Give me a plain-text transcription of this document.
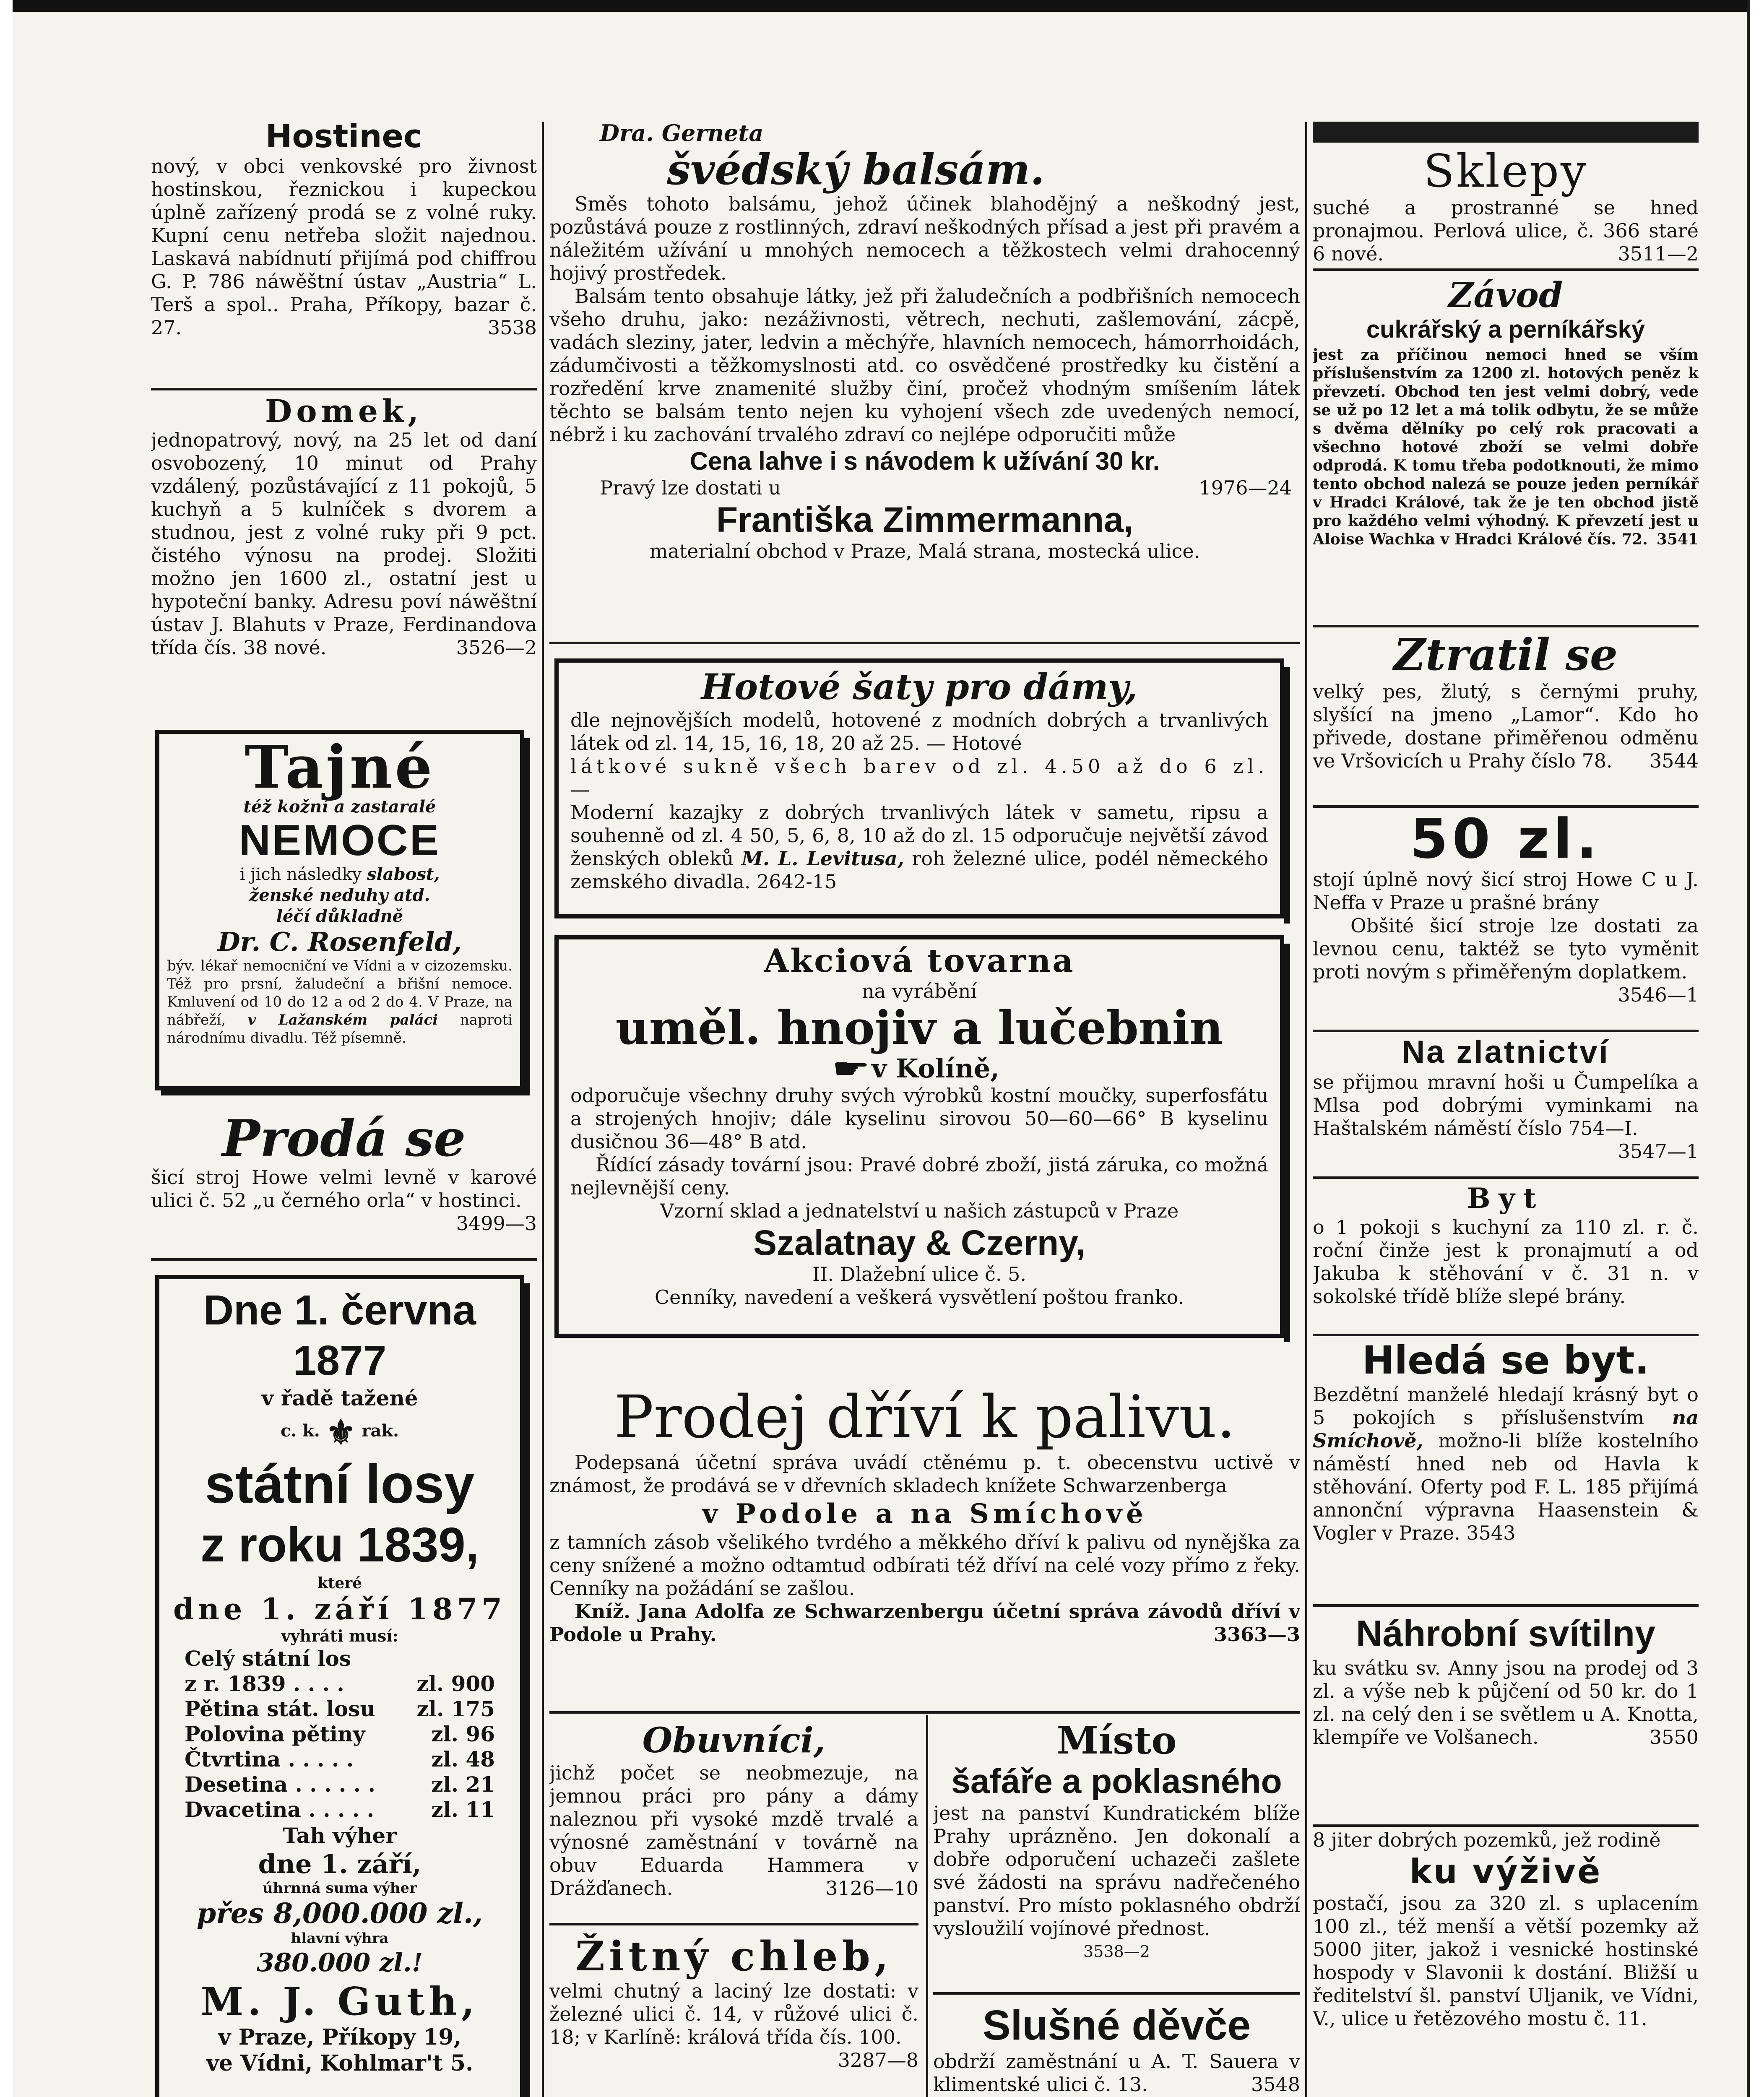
Hostinec

nový, v obci venkovské pro živnost hostinskou, řeznickou i kupeckou úplně zařízený prodá se z volné ruky. Kupní cenu netřeba složit najednou. Laskavá nabídnutí přijímá pod chiffrou G. P. 786 náwěštní ústav „Austria“ L. Terš a spol.. Praha, Příkopy, bazar č. 27.	3538

Domek,

jednopatrový, nový, na 25 let od daní osvobozený, 10 minut od Prahy vzdálený, pozůstávající z 11 pokojů, 5 kuchyň a 5 kulníček s dvorem a studnou, jest z volné ruky při 9 pct. čistého výnosu na prodej. Složiti možno jen 1600 zl., ostatní jest u hypoteční banky. Adresu poví náwěštní ústav J. Blahuts v Praze, Ferdinandova třída čís. 38 nové.	3526—2

Tajné
též kožní a zastaralé
NEMOCE
i jich následky slabost,
ženské neduhy atd.
léčí důkladně
Dr. C. Rosenfeld,

býv. lékař nemocniční ve Vídni a v cizozemsku. Též pro prsní, žaludeční a břišní nemoce. Kmluvení od 10 do 12 a od 2 do 4. V Praze, na nábřeží, v Lažanském paláci naproti národnímu divadlu. Též písemně.

Prodá se

šicí stroj Howe velmi levně v karové ulici č. 52 „u černého orla“ v hostinci.
3499—3

Dne 1. června 1877
v řadě tažené
c. k. ⚜ rak.
státní losy
z roku 1839,
které
dne 1. září 1877
vyhráti musí:
Celý státní los
z r. 1839 . . . .	zl. 900
Pětina stát. losu zl. 175
Polovina pětiny	zl. 96
Čtvrtina . . . . .	zl. 48
Desetina . . . . . .	zl. 21
Dvacetina . . . . .	zl. 11
Tah výher
dne 1. září,
úhrnná suma výher
přes 8,000.000 zl.,
hlavní výhra
380.000 zl.!
M. J. Guth,
v Praze, Příkopy 19,
ve Vídni, Kohlmar't 5.
Dra. Gerneta
švédský balsám.

Směs tohoto balsámu, jehož účinek blahodějný a neškodný jest, pozůstává pouze z rostlinných, zdraví neškodných přísad a jest při pravém a náležitém užívání u mnohých nemocech a těžkostech velmi drahocenný hojivý prostředek.

Balsám tento obsahuje látky, jež při žaludečních a podbřišních nemocech všeho druhu, jako: nezáživnosti, větrech, nechuti, zašlemování, zácpě, vadách sleziny, jater, ledvin a měchýře, hlavních nemocech, hámorrhoidách, zádumčivosti a těžkomyslnosti atd. co osvědčené prostředky ku čistění a rozředění krve znamenité služby činí, pročež vhodným smíšením látek těchto se balsám tento nejen ku vyhojení všech zde uvedených nemocí, nébrž i ku zachování trvalého zdraví co nejlépe odporučiti může

Cena lahve i s návodem k užívání 30 kr.
Pravý lze dostati u	1976—24
Františka Zimmermanna,
materialní obchod v Praze, Malá strana, mostecká ulice.
Hotové šaty pro dámy,

dle nejnovějších modelů, hotovené z modních dobrých a trvanlivých látek od zl. 14, 15, 16, 18, 20 až 25. — Hotové

látkové sukně všech barev od zl. 4.50 až do 6 zl. —

Moderní kazajky z dobrých trvanlivých látek v sametu, ripsu a souhenně od zl. 4 50, 5, 6, 8, 10 až do zl. 15 odporučuje největší závod ženských obleků M. L. Levitusa, roh železné ulice, podél německého zemského divadla. 2642-15

Akciová tovarna
na vyrábění
uměl. hnojiv a lučebnin
☛ v Kolíně,

odporučuje všechny druhy svých výrobků kostní moučky, superfosfátu a strojených hnojiv; dále kyselinu sirovou 50—60—66° B kyselinu dusičnou 36—48° B atd.

Řídící zásady tovární jsou: Pravé dobré zboží, jistá záruka, co možná nejlevnější ceny.

Vzorní sklad a jednatelství u našich zástupců v Praze

Szalatnay & Czerny,
II. Dlažební ulice č. 5.
Cenníky, navedení a veškerá vysvětlení poštou franko.
Prodej dříví k palivu.

Podepsaná účetní správa uvádí ctěnému p. t. obecenstvu uctivě v známost, že prodává se v dřevních skladech knížete Schwarzenberga

v Podole a na Smíchově

z tamních zásob všelikého tvrdého a měkkého dříví k palivu od nynějška za ceny snížené a možno odtamtud odbírati též dříví na celé vozy přímo z řeky. Cenníky na požádání se zašlou.

Kníž. Jana Adolfa ze Schwarzenbergu účetní správa závodů dříví v Podole u Prahy.	3363—3

Obuvníci,

jichž počet se neobmezuje, na jemnou práci pro pány a dámy naleznou při vysoké mzdě trvalé a výnosné zaměstnání v továrně na obuv Eduarda Hammera v Drážďanech.	3126—10

Žitný chleb,

velmi chutný a laciný lze dostati: v železné ulici č. 14, v růžové ulici č. 18; v Karlíně: králová třída čís. 100.
3287—8

Místo
šafáře a poklasného

jest na panství Kundratickém blíže Prahy uprázněno. Jen dokonalí a dobře odporučení uchazeči zašlete své žádosti na správu nadřečeného panství. Pro místo poklasného obdrží vysloužilí vojínové přednost.

3538—2
Slušné děvče

obdrží zaměstnání u A. T. Sauera v klimentské ulici č. 13.	3548

Sklepy

suché a prostranné se hned pronajmou. Perlová ulice, č. 366 staré 6 nové.	3511—2

Závod
cukrářský a perníkářský

jest za příčinou nemoci hned se vším příslušenstvím za 1200 zl. hotových peněz k převzetí. Obchod ten jest velmi dobrý, vede se už po 12 let a má tolik odbytu, že se může s dvěma dělníky po celý rok pracovati a všechno hotové zboží se velmi dobře odprodá. K tomu třeba podotknouti, že mimo tento obchod nalezá se pouze jeden perníkář v Hradci Králové, tak že je ten obchod jistě pro každého velmi výhodný. K převzetí jest u Aloise Wachka v Hradci Králové čís. 72. 3541

Ztratil se

velký pes, žlutý, s černými pruhy, slyšící na jmeno „Lamor“. Kdo ho přivede, dostane přiměřenou odměnu ve Vršovicích u Prahy číslo 78. 3544

50 zl.

stojí úplně nový šicí stroj Howe C u J. Neffa v Praze u prašné brány

Obšité šicí stroje lze dostati za levnou cenu, taktéž se tyto vyměnit proti novým s přiměřeným doplatkem.
3546—1

Na zlatnictví

se přijmou mravní hoši u Čumpelíka a Mlsa pod dobrými vyminkami na Haštalském náměstí číslo 754—I.
3547—1

Byt

o 1 pokoji s kuchyní za 110 zl. r. č. roční činže jest k pronajmutí a od Jakuba k stěhování v č. 31 n. v sokolské třídě blíže slepé brány.

Hledá se byt.

Bezdětní manželé hledají krásný byt o 5 pokojích s příslušenstvím na Smíchově, možno-li blíže kostelního náměstí hned neb od Havla k stěhování. Oferty pod F. L. 185 přijímá annonční výpravna Haasenstein & Vogler v Praze. 3543

Náhrobní svítilny

ku svátku sv. Anny jsou na prodej od 3 zl. a výše neb k půjčení od 50 kr. do 1 zl. na celý den i se světlem u A. Knotta, klempíře ve Volšanech.	3550

8 jiter dobrých pozemků, jež rodině

ku výživě

postačí, jsou za 320 zl. s uplacením 100 zl., též menší a větší pozemky až 5000 jiter, jakož i vesnické hostinské hospody v Slavonii k dostání. Bližší u ředitelství šl. panství Uljanik, ve Vídni, V., ulice u řetězového mostu č. 11.
